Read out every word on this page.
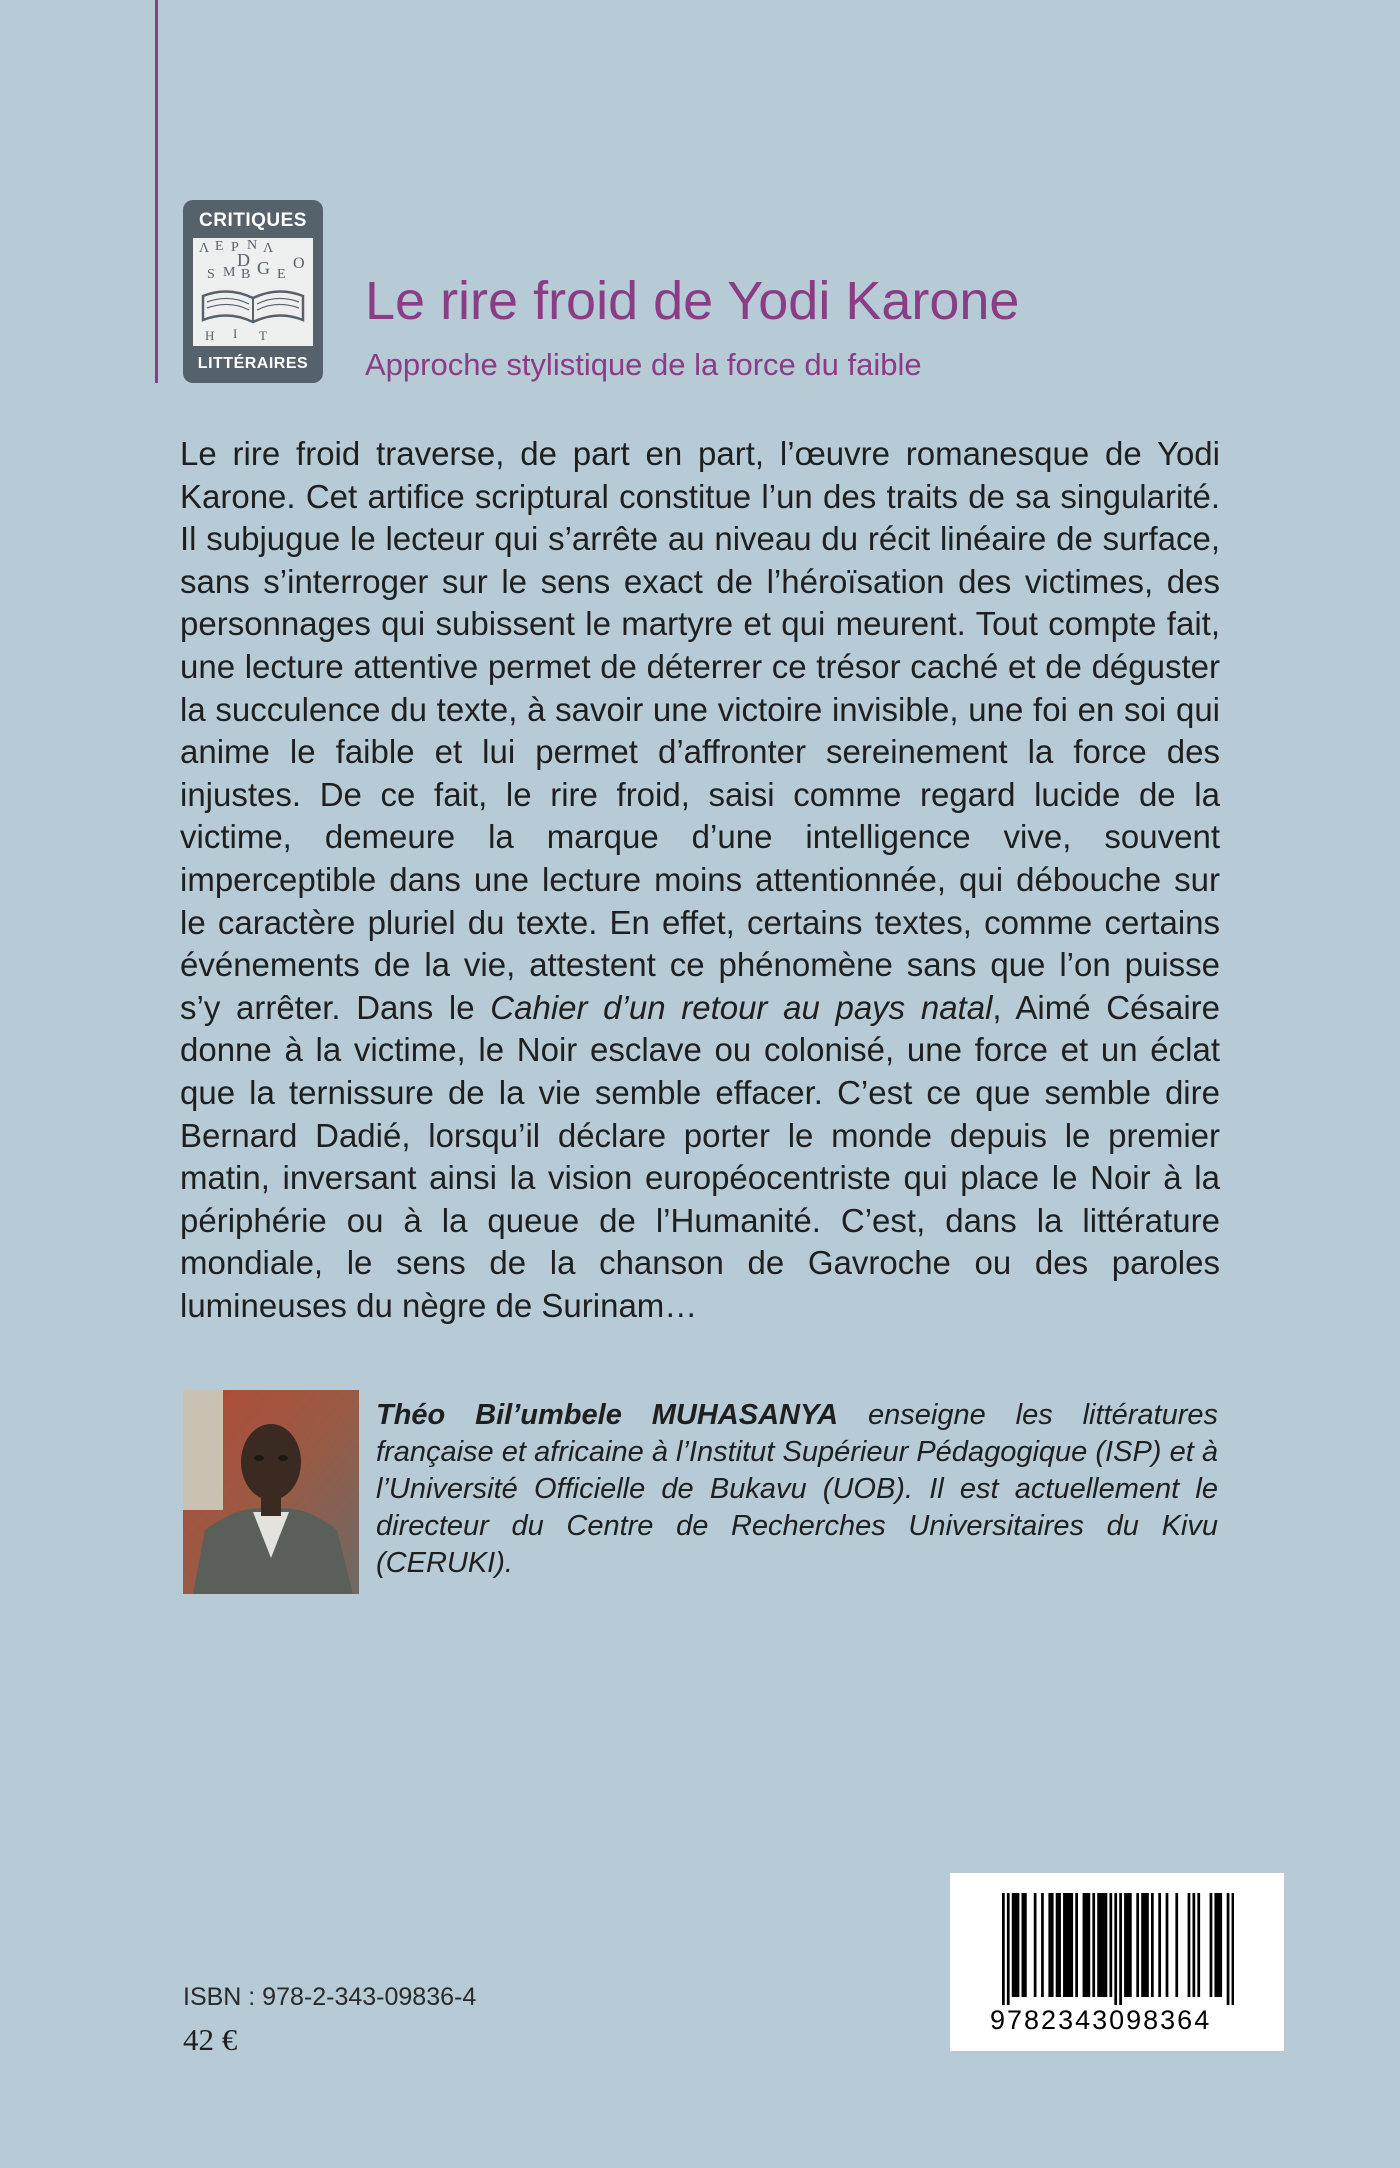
CRITIQUES
Λ E P Ν Λ
D
S M B G Ε
O
H I T
LITTÉRAIRES
Le rire froid de Yodi Karone
Approche stylistique de la force du faible

Le rire froid traverse, de part en part, l’œuvre romanesque de Yodi Karone. Cet artifice scriptural constitue l’un des traits de sa singularité. Il subjugue le lecteur qui s’arrête au niveau du récit linéaire de surface, sans s’interroger sur le sens exact de l’héroïsation des victimes, des personnages qui subissent le martyre et qui meurent. Tout compte fait, une lecture attentive permet de déterrer ce trésor caché et de déguster la succulence du texte, à savoir une victoire invisible, une foi en soi qui anime le faible et lui permet d’affronter sereinement la force des injustes. De ce fait, le rire froid, saisi comme regard lucide de la victime, demeure la marque d’une intelligence vive, souvent imperceptible dans une lecture moins attentionnée, qui débouche sur le caractère pluriel du texte. En effet, certains textes, comme certains événements de la vie, attestent ce phénomène sans que l’on puisse s’y arrêter. Dans le Cahier d’un retour au pays natal, Aimé Césaire donne à la victime, le Noir esclave ou colonisé, une force et un éclat que la ternissure de la vie semble effacer. C’est ce que semble dire Bernard Dadié, lorsqu’il déclare porter le monde depuis le premier matin, inversant ainsi la vision européocentriste qui place le Noir à la périphérie ou à la queue de l’Humanité. C’est, dans la littérature mondiale, le sens de la chanson de Gavroche ou des paroles lumineuses du nègre de Surinam…

Théo Bil’umbele MUHASANYA enseigne les littératures française et africaine à l’Institut Supérieur Pédagogique (ISP) et à l’Université Officielle de Bukavu (UOB). Il est actuellement le directeur du Centre de Recherches Universitaires du Kivu (CERUKI).
ISBN : 978-2-343-09836-4
42 €
9782343098364
